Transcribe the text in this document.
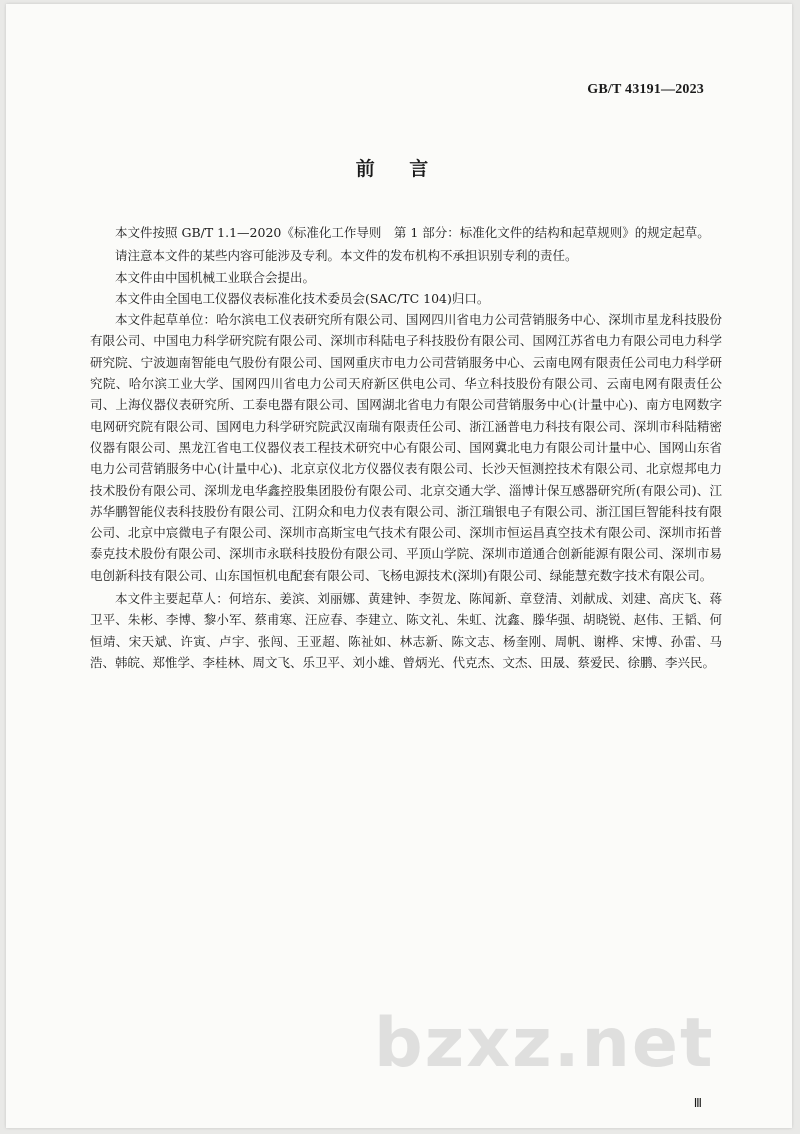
GB/T 43191—2023
前 言

本文件按照 GB/T 1.1—2020《标准化工作导则　第 1 部分：标准化文件的结构和起草规则》的规定起草。

请注意本文件的某些内容可能涉及专利。本文件的发布机构不承担识别专利的责任。

本文件由中国机械工业联合会提出。

本文件由全国电工仪器仪表标准化技术委员会(SAC/TC 104)归口。

本文件起草单位：哈尔滨电工仪表研究所有限公司、国网四川省电力公司营销服务中心、深圳市星龙科技股份有限公司、中国电力科学研究院有限公司、深圳市科陆电子科技股份有限公司、国网江苏省电力有限公司电力科学研究院、宁波迦南智能电气股份有限公司、国网重庆市电力公司营销服务中心、云南电网有限责任公司电力科学研究院、哈尔滨工业大学、国网四川省电力公司天府新区供电公司、华立科技股份有限公司、云南电网有限责任公司、上海仪器仪表研究所、工泰电器有限公司、国网湖北省电力有限公司营销服务中心(计量中心)、南方电网数字电网研究院有限公司、国网电力科学研究院武汉南瑞有限责任公司、浙江涵普电力科技有限公司、深圳市科陆精密仪器有限公司、黑龙江省电工仪器仪表工程技术研究中心有限公司、国网冀北电力有限公司计量中心、国网山东省电力公司营销服务中心(计量中心)、北京京仪北方仪器仪表有限公司、长沙天恒测控技术有限公司、北京煜邦电力技术股份有限公司、深圳龙电华鑫控股集团股份有限公司、北京交通大学、淄博计保互感器研究所(有限公司)、江苏华鹏智能仪表科技股份有限公司、江阴众和电力仪表有限公司、浙江瑞银电子有限公司、浙江国巨智能科技有限公司、北京中宸微电子有限公司、深圳市高斯宝电气技术有限公司、深圳市恒运昌真空技术有限公司、深圳市拓普泰克技术股份有限公司、深圳市永联科技股份有限公司、平顶山学院、深圳市道通合创新能源有限公司、深圳市易电创新科技有限公司、山东国恒机电配套有限公司、飞杨电源技术(深圳)有限公司、绿能慧充数字技术有限公司。

本文件主要起草人：何培东、姜滨、刘丽娜、黄建钟、李贺龙、陈闻新、章登清、刘献成、刘建、高庆飞、蒋卫平、朱彬、李博、黎小军、蔡甫寒、汪应春、李建立、陈文礼、朱虹、沈鑫、滕华强、胡晓锐、赵伟、王韬、何恒靖、宋天斌、许寅、卢宇、张闯、王亚超、陈祉如、林志新、陈文志、杨奎刚、周帆、谢桦、宋博、孙雷、马浩、韩皖、郑惟学、李桂林、周文飞、乐卫平、刘小雄、曾炳光、代克杰、文杰、田晟、蔡爱民、徐鹏、李兴民。

bzxz.net
Ⅲ
